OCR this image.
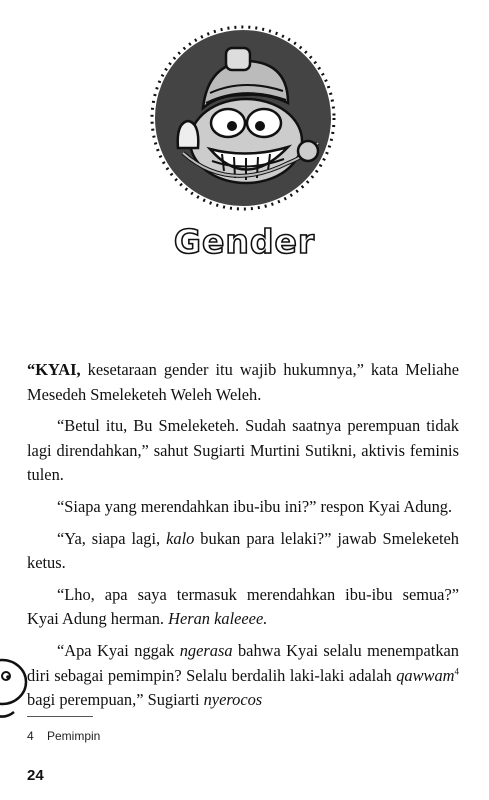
Gender

“KYAI, kesetaraan gender itu wajib hukumnya,” kata Meliahe Mesedeh Smeleketeh Weleh Weleh.

“Betul itu, Bu Smeleketeh. Sudah saatnya perempuan tidak lagi direndahkan,” sahut Sugiarti Murtini Sutikni, aktivis feminis tulen.

“Siapa yang merendahkan ibu-ibu ini?” respon Kyai Adung.

“Ya, siapa lagi, kalo bukan para lelaki?” jawab Smeleketeh ketus.

“Lho, apa saya termasuk merendahkan ibu-ibu semua?” Kyai Adung herman. Heran kaleeee.

“Apa Kyai nggak ngerasa bahwa Kyai selalu menempatkan diri sebagai pemimpin? Selalu berdalih laki-laki adalah qawwam$^4$ bagi perempuan,” Sugiarti nyerocos

4 Pemimpin
24
